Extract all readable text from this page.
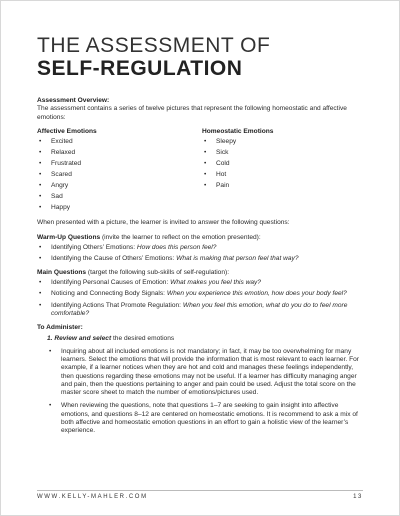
THE ASSESSMENT OF
SELF-REGULATION

Assessment Overview:

The assessment contains a series of twelve pictures that represent the following homeostatic and affective emotions:

Affective Emotions

• Excited
• Relaxed
• Frustrated
• Scared
• Angry
• Sad
• Happy

Homeostatic Emotions

• Sleepy
• Sick
• Cold
• Hot
• Pain

When presented with a picture, the learner is invited to answer the following questions:

Warm-Up Questions (invite the learner to reflect on the emotion presented):

• Identifying Others’ Emotions: How does this person feel?
• Identifying the Cause of Others’ Emotions: What is making that person feel that way?

Main Questions (target the following sub-skills of self-regulation):

• Identifying Personal Causes of Emotion: What makes you feel this way?
• Noticing and Connecting Body Signals: When you experience this emotion, how does your body feel?
• Identifying Actions That Promote Regulation: When you feel this emotion, what do you do to feel more comfortable?

To Administer:

1. Review and select the desired emotions

• Inquiring about all included emotions is not mandatory; in fact, it may be too overwhelming for many learners. Select the emotions that will provide the information that is most relevant to each learner. For example, if a learner notices when they are hot and cold and manages these feelings independently, then questions regarding these emotions may not be useful. If a learner has difficulty managing anger and pain, then the questions pertaining to anger and pain could be used. Adjust the total score on the master score sheet to match the number of emotions/pictures used.
• When reviewing the questions, note that questions 1–7 are seeking to gain insight into affective emotions, and questions 8–12 are centered on homeostatic emotions. It is recommend to ask a mix of both affective and homeostatic emotion questions in an effort to gain a holistic view of the learner’s experience.
WWW.KELLY-MAHLER.COM	13
